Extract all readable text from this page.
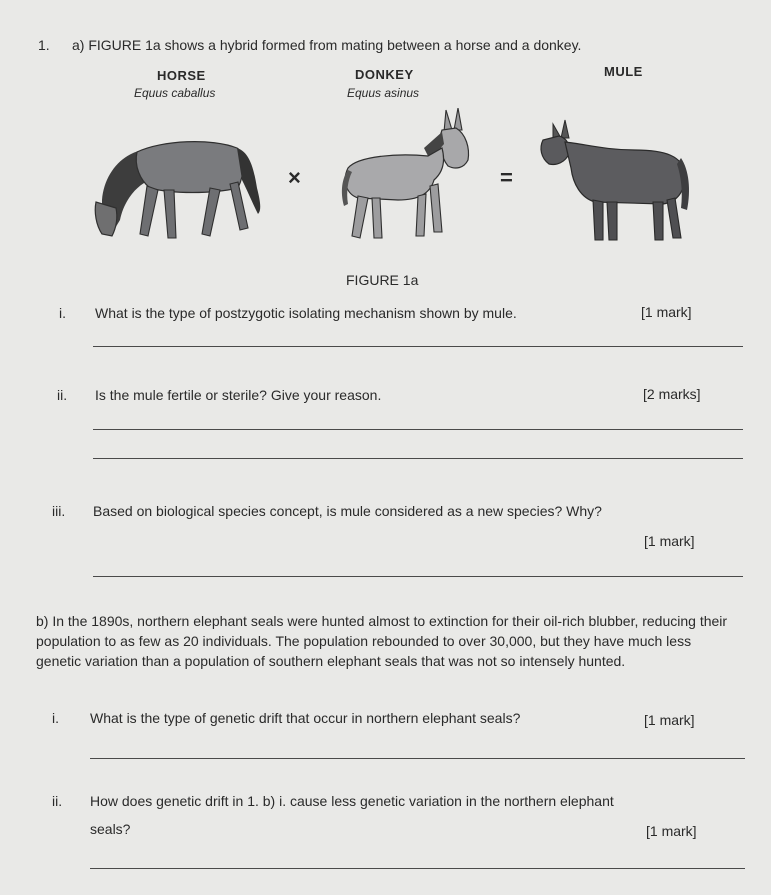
1. a) FIGURE 1a shows a hybrid formed from mating between a horse and a donkey.
HORSE
Equus caballus
DONKEY
Equus asinus
MULE
×	=
FIGURE 1a
i. What is the type of postzygotic isolating mechanism shown by mule.	[1 mark]
ii. Is the mule fertile or sterile? Give your reason.	[2 marks]
iii. Based on biological species concept, is mule considered as a new species? Why?
[1 mark]
b) In the 1890s, northern elephant seals were hunted almost to extinction for their oil-rich blubber, reducing their population to as few as 20 individuals. The population rebounded to over 30,000, but they have much less genetic variation than a population of southern elephant seals that was not so intensely hunted.
i. What is the type of genetic drift that occur in northern elephant seals?	[1 mark]
ii. How does genetic drift in 1. b) i. cause less genetic variation in the northern elephant
seals?	[1 mark]
